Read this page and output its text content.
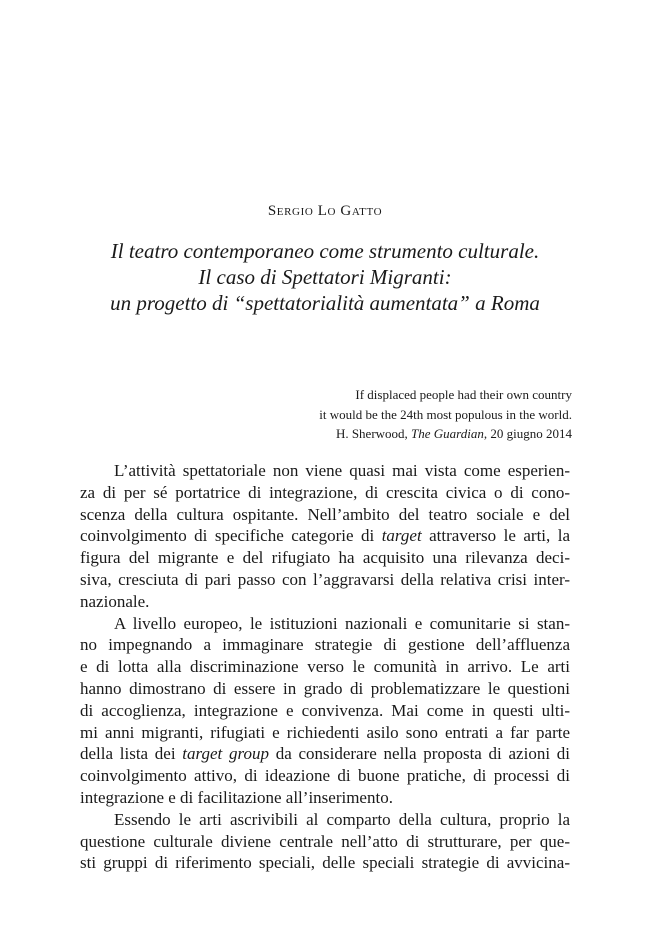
Sergio Lo Gatto
Il teatro contemporaneo come strumento culturale.
Il caso di Spettatori Migranti:
un progetto di “spettatorialità aumentata” a Roma
If displaced people had their own country
it would be the 24th most populous in the world.
H. Sherwood, The Guardian, 20 giugno 2014
L’attività spettatoriale non viene quasi mai vista come esperien-
za di per sé portatrice di integrazione, di crescita civica o di cono-
scenza della cultura ospitante. Nell’ambito del teatro sociale e del
coinvolgimento di specifiche categorie di target attraverso le arti, la
figura del migrante e del rifugiato ha acquisito una rilevanza deci-
siva, cresciuta di pari passo con l’aggravarsi della relativa crisi inter-
nazionale.
A livello europeo, le istituzioni nazionali e comunitarie si stan-
no impegnando a immaginare strategie di gestione dell’affluenza
e di lotta alla discriminazione verso le comunità in arrivo. Le arti
hanno dimostrano di essere in grado di problematizzare le questioni
di accoglienza, integrazione e convivenza. Mai come in questi ulti-
mi anni migranti, rifugiati e richiedenti asilo sono entrati a far parte
della lista dei target group da considerare nella proposta di azioni di
coinvolgimento attivo, di ideazione di buone pratiche, di processi di
integrazione e di facilitazione all’inserimento.
Essendo le arti ascrivibili al comparto della cultura, proprio la
questione culturale diviene centrale nell’atto di strutturare, per que-
sti gruppi di riferimento speciali, delle speciali strategie di avvicina-
